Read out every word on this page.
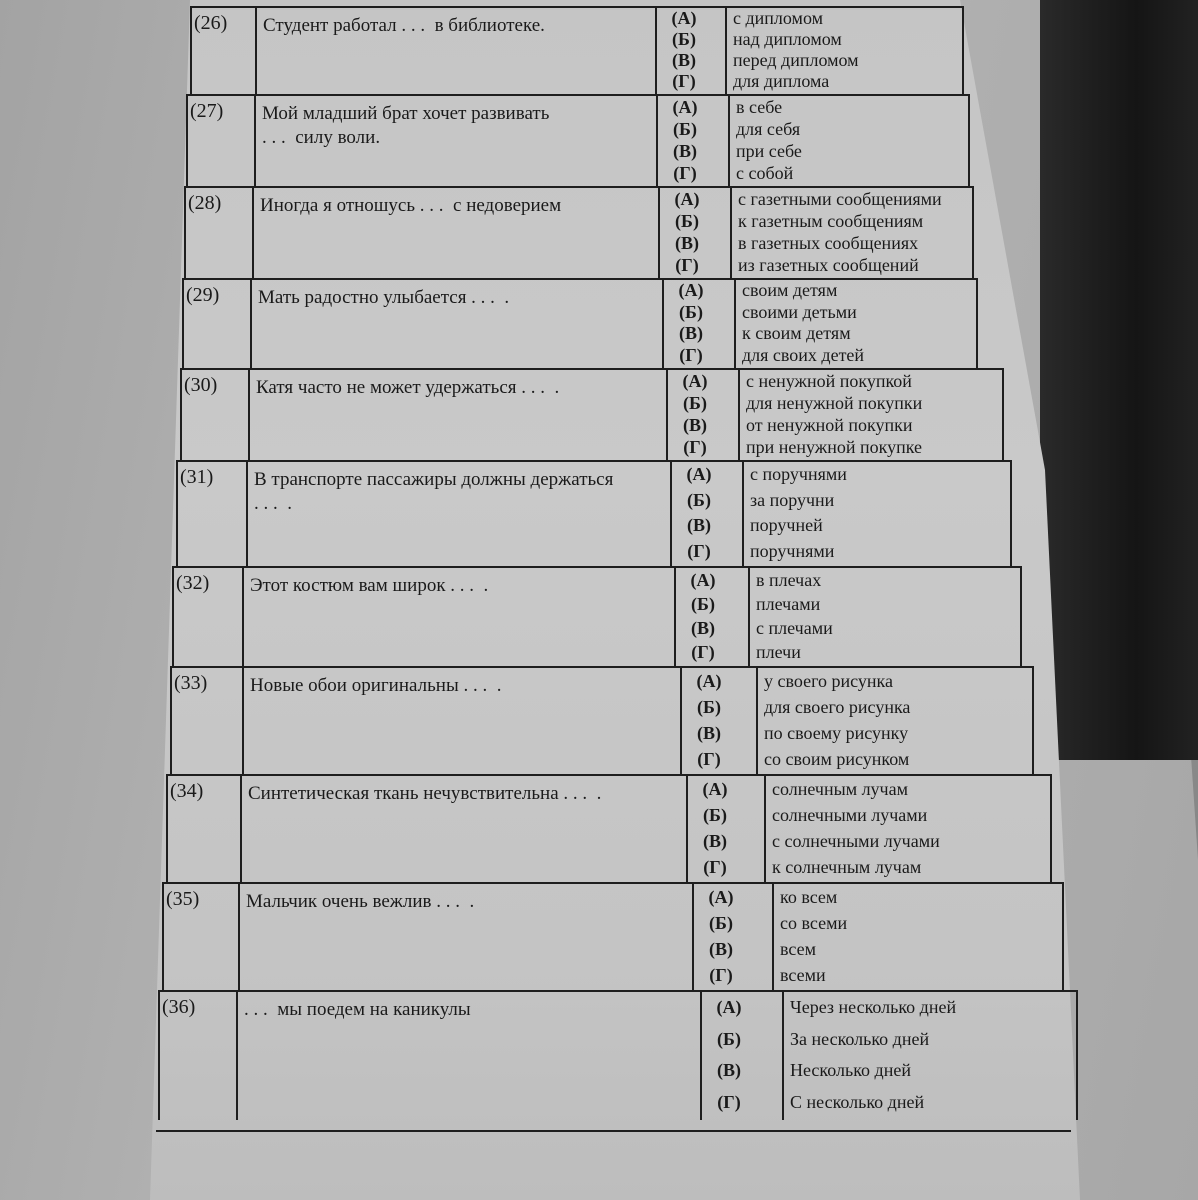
(26) Студент работал . . .  в библиотеке.	(А) с дипломом
(Б) над дипломом
(В) перед дипломом
(Г) для диплома
(27) Мой младший брат хочет развивать
. . .  силу воли.
(А) в себе
(Б) для себя
(В) при себе
(Г) с собой
(28) Иногда я отношусь . . .  с недоверием	(А) с газетными сообщениями
(Б) к газетным сообщениям
(В) в газетных сообщениях
(Г) из газетных сообщений
(29) Мать радостно улыбается . . .  .	(А) своим детям
(Б) своими детьми
(В) к своим детям
(Г) для своих детей
(30) Катя часто не может удержаться . . .  .	(А) с ненужной покупкой
(Б) для ненужной покупки
(В) от ненужной покупки
(Г) при ненужной покупке
(31) В транспорте пассажиры должны держаться
. . .  .
(А) с поручнями
(Б) за поручни
(В) поручней
(Г) поручнями
(32) Этот костюм вам широк . . .  .	(А) в плечах
(Б) плечами
(В) с плечами
(Г) плечи
(33) Новые обои оригинальны . . .  .	(А) у своего рисунка
(Б) для своего рисунка
(В) по своему рисунку
(Г) со своим рисунком
(34) Синтетическая ткань нечувствительна . . .  .	(А) солнечным лучам
(Б)	солнечными лучами
(В)	с солнечными лучами
(Г)	к солнечным лучам
(35) Мальчик очень вежлив . . .  .	(А)	ко всем
(Б)	со всеми
(В)	всем
(Г)	всеми
(36)	. . .  мы поедем на каникулы	(А)	Через несколько дней
(Б)	За несколько дней
(В)	Несколько дней
(Г)	С несколько дней
